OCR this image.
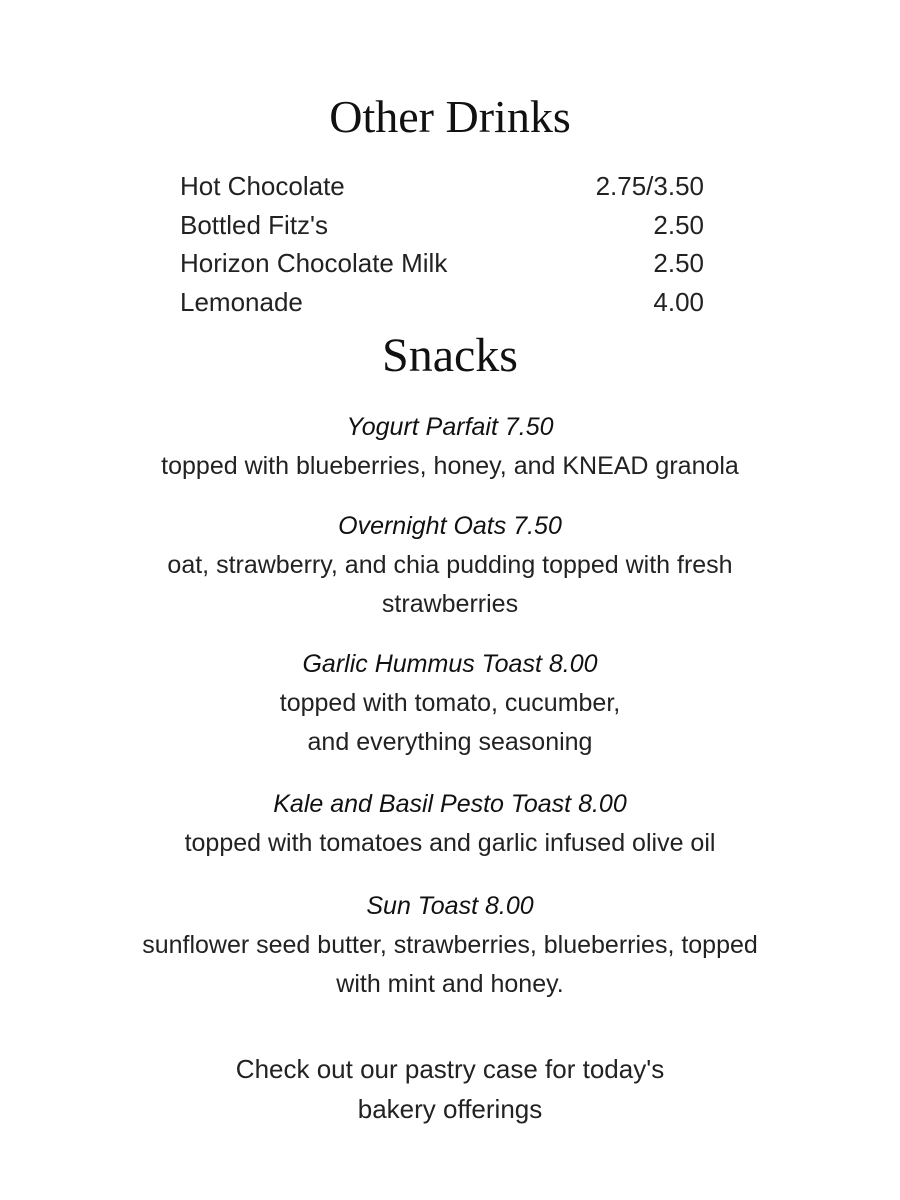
Other Drinks
Hot Chocolate	2.75/3.50
Bottled Fitz's	2.50
Horizon Chocolate Milk	2.50
Lemonade	4.00
Snacks
Yogurt Parfait 7.50
topped with blueberries, honey, and KNEAD granola
Overnight Oats 7.50
oat, strawberry, and chia pudding topped with fresh
strawberries
Garlic Hummus Toast 8.00
topped with tomato, cucumber,
and everything seasoning
Kale and Basil Pesto Toast 8.00
topped with tomatoes and garlic infused olive oil
Sun Toast 8.00
sunflower seed butter, strawberries, blueberries, topped
with mint and honey.
Check out our pastry case for today's
bakery offerings
